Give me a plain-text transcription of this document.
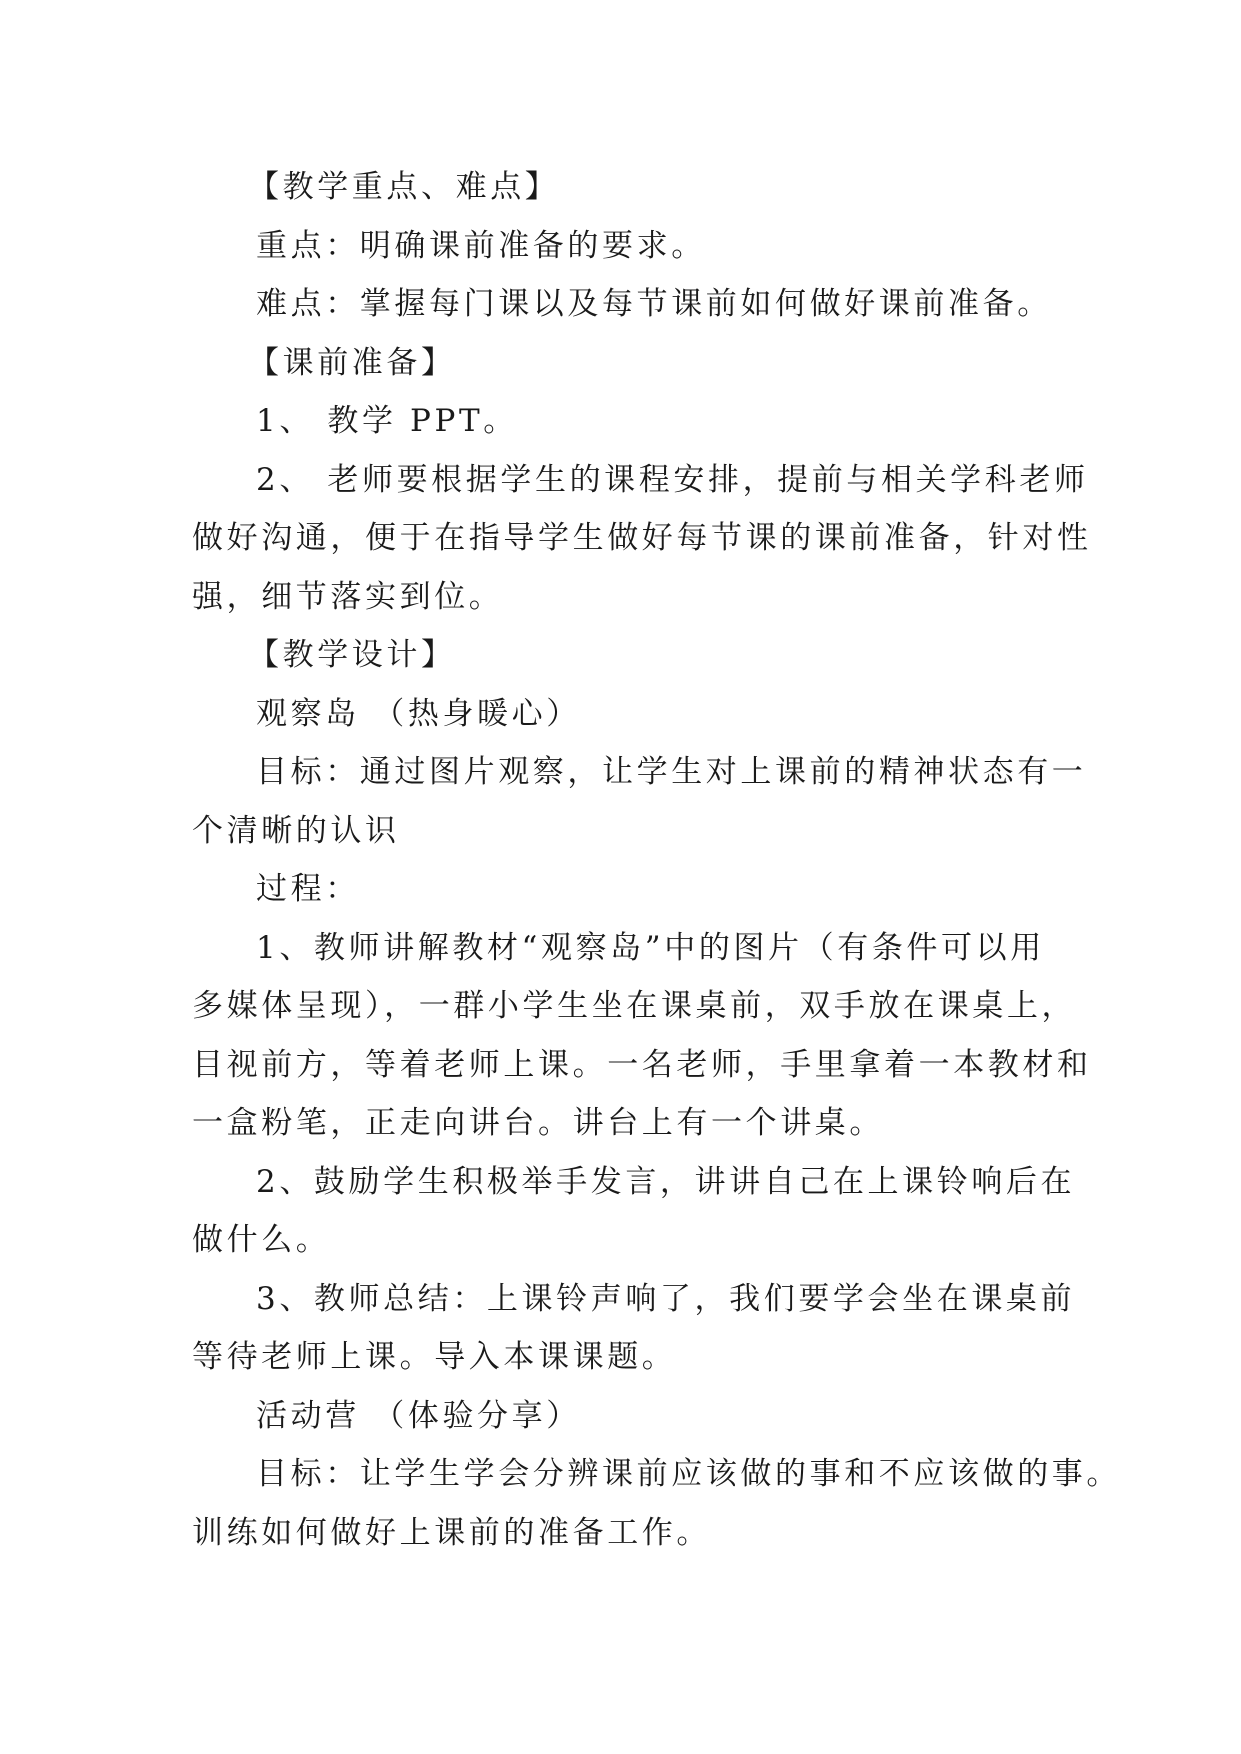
【教学重点、难点】
重点：明确课前准备的要求。
难点：掌握每门课以及每节课前如何做好课前准备。
【课前准备】
1、 教学 PPT。
2、 老师要根据学生的课程安排，提前与相关学科老师
做好沟通，便于在指导学生做好每节课的课前准备，针对性
强，细节落实到位。
【教学设计】
观察岛 （热身暖心）
目标：通过图片观察，让学生对上课前的精神状态有一
个清晰的认识
过程：
1、教师讲解教材“观察岛”中的图片（有条件可以用
多媒体呈现），一群小学生坐在课桌前，双手放在课桌上，
目视前方，等着老师上课。一名老师，手里拿着一本教材和
一盒粉笔，正走向讲台。讲台上有一个讲桌。
2、鼓励学生积极举手发言，讲讲自己在上课铃响后在
做什么。
3、教师总结：上课铃声响了，我们要学会坐在课桌前
等待老师上课。导入本课课题。
活动营 （体验分享）
目标：让学生学会分辨课前应该做的事和不应该做的事。
训练如何做好上课前的准备工作。
